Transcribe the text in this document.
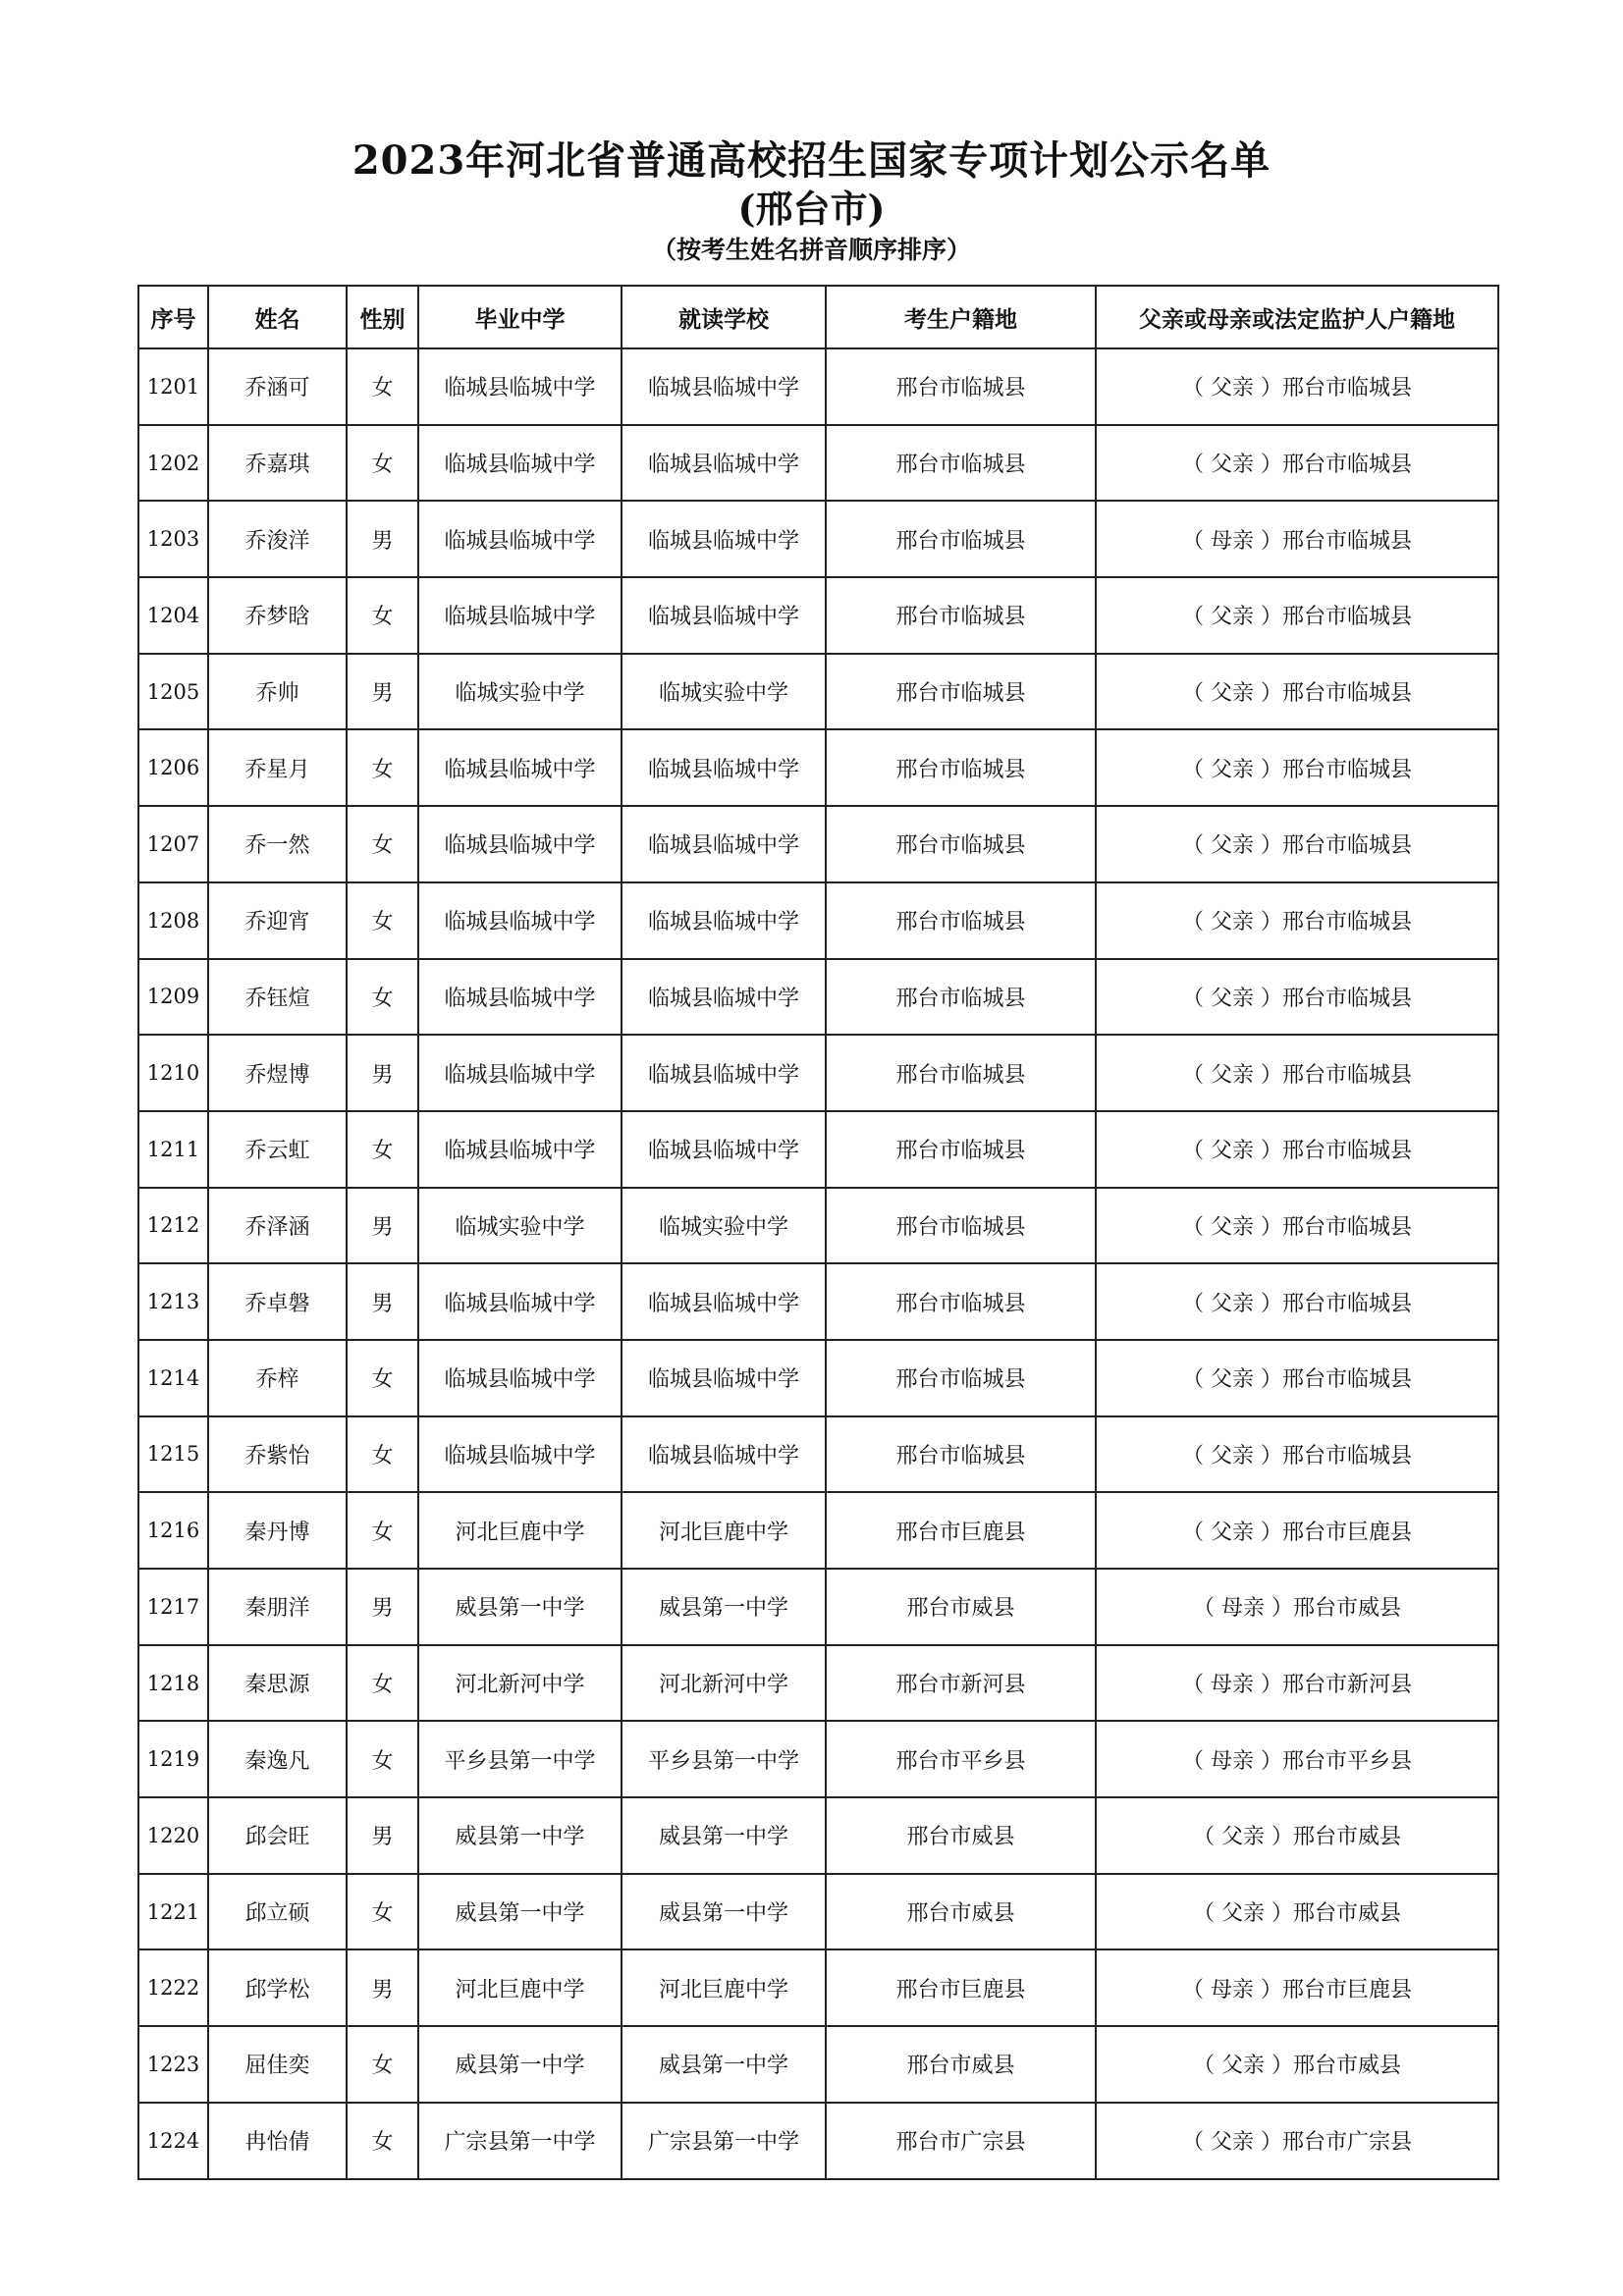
2023年河北省普通高校招生国家专项计划公示名单
(邢台市)
（按考生姓名拼音顺序排序）
序号	姓名	性别	毕业中学	就读学校	考生户籍地	父亲或母亲或法定监护人户籍地
1201	乔涵可	女	临城县临城中学	临城县临城中学	邢台市临城县	（ 父亲 ）邢台市临城县
1202	乔嘉琪	女	临城县临城中学	临城县临城中学	邢台市临城县	（ 父亲 ）邢台市临城县
1203	乔浚洋	男	临城县临城中学	临城县临城中学	邢台市临城县	（ 母亲 ）邢台市临城县
1204	乔梦晗	女	临城县临城中学	临城县临城中学	邢台市临城县	（ 父亲 ）邢台市临城县
1205	乔帅	男	临城实验中学	临城实验中学	邢台市临城县	（ 父亲 ）邢台市临城县
1206	乔星月	女	临城县临城中学	临城县临城中学	邢台市临城县	（ 父亲 ）邢台市临城县
1207	乔一然	女	临城县临城中学	临城县临城中学	邢台市临城县	（ 父亲 ）邢台市临城县
1208	乔迎宵	女	临城县临城中学	临城县临城中学	邢台市临城县	（ 父亲 ）邢台市临城县
1209	乔钰煊	女	临城县临城中学	临城县临城中学	邢台市临城县	（ 父亲 ）邢台市临城县
1210	乔煜博	男	临城县临城中学	临城县临城中学	邢台市临城县	（ 父亲 ）邢台市临城县
1211	乔云虹	女	临城县临城中学	临城县临城中学	邢台市临城县	（ 父亲 ）邢台市临城县
1212	乔泽涵	男	临城实验中学	临城实验中学	邢台市临城县	（ 父亲 ）邢台市临城县
1213	乔卓磐	男	临城县临城中学	临城县临城中学	邢台市临城县	（ 父亲 ）邢台市临城县
1214	乔梓	女	临城县临城中学	临城县临城中学	邢台市临城县	（ 父亲 ）邢台市临城县
1215	乔紫怡	女	临城县临城中学	临城县临城中学	邢台市临城县	（ 父亲 ）邢台市临城县
1216	秦丹博	女	河北巨鹿中学	河北巨鹿中学	邢台市巨鹿县	（ 父亲 ）邢台市巨鹿县
1217	秦朋洋	男	威县第一中学	威县第一中学	邢台市威县	（ 母亲 ）邢台市威县
1218	秦思源	女	河北新河中学	河北新河中学	邢台市新河县	（ 母亲 ）邢台市新河县
1219	秦逸凡	女	平乡县第一中学	平乡县第一中学	邢台市平乡县	（ 母亲 ）邢台市平乡县
1220	邱会旺	男	威县第一中学	威县第一中学	邢台市威县	（ 父亲 ）邢台市威县
1221	邱立硕	女	威县第一中学	威县第一中学	邢台市威县	（ 父亲 ）邢台市威县
1222	邱学松	男	河北巨鹿中学	河北巨鹿中学	邢台市巨鹿县	（ 母亲 ）邢台市巨鹿县
1223	屈佳奕	女	威县第一中学	威县第一中学	邢台市威县	（ 父亲 ）邢台市威县
1224	冉怡倩	女	广宗县第一中学	广宗县第一中学	邢台市广宗县	（ 父亲 ）邢台市广宗县
